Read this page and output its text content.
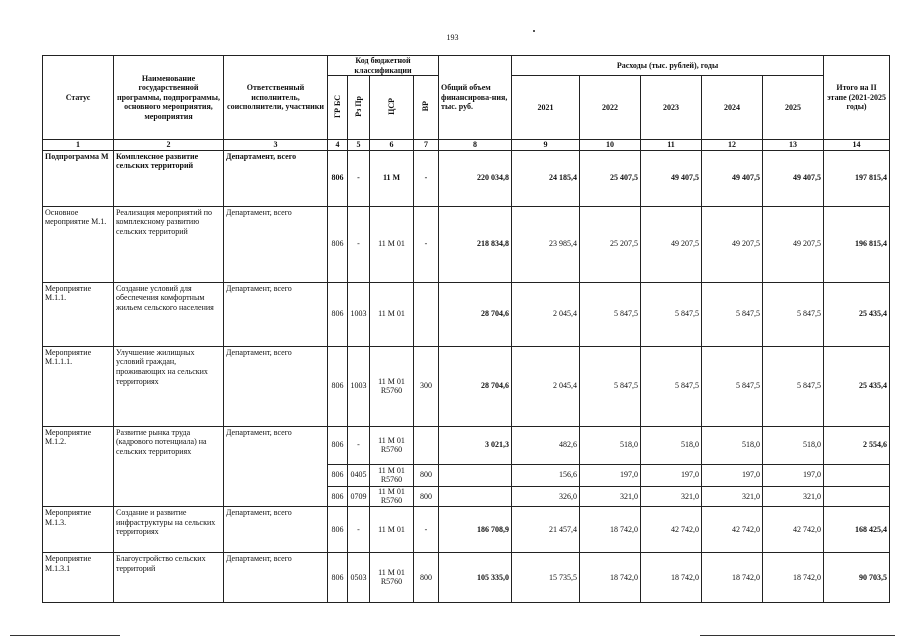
193
Статус	Наименование государственной программы, подпрограммы, основного мероприятия, мероприятия	Ответственный исполнитель, соисполнители, участники	Код бюджетной классификации				Общий объем финансирова-ния, тыс. руб.	Расходы (тыс. рублей), годы					Итого на II этапе (2021-2025 годы)
			ГР БС	Рз Пр	ЦСР	ВР		2021	2022	2023	2024	2025	
1	2	3	4	5	6	7	8	9	10	11	12	13	14
Подпрограмма М	Комплексное развитие сельских территорий	Департамент, всего	806	-	11 М	-	220 034,8	24 185,4	25 407,5	49 407,5	49 407,5	49 407,5	197 815,4
Основное мероприятие М.1.	Реализация мероприятий по комплексному развитию сельских территорий	Департамент, всего	806	-	11 М 01	-	218 834,8	23 985,4	25 207,5	49 207,5	49 207,5	49 207,5	196 815,4
Мероприятие М.1.1.	Создание условий для обеспечения комфортным жильем сельского населения	Департамент, всего	806	1003	11 М 01		28 704,6	2 045,4	5 847,5	5 847,5	5 847,5	5 847,5	25 435,4
Мероприятие М.1.1.1.	Улучшение жилищных условий граждан, проживающих на сельских территориях	Департамент, всего	806	1003	11 М 01 R5760	300	28 704,6	2 045,4	5 847,5	5 847,5	5 847,5	5 847,5	25 435,4
Мероприятие М.1.2.	Развитие рынка труда (кадрового потенциала) на сельских территориях	Департамент, всего	806	-	11 М 01 R5760		3 021,3	482,6	518,0	518,0	518,0	518,0	2 554,6
			806	0405	11 М 01 R5760	800		156,6	197,0	197,0	197,0	197,0	
			806	0709	11 М 01 R5760	800		326,0	321,0	321,0	321,0	321,0	
Мероприятие М.1.3.	Создание и развитие инфраструктуры на сельских территориях	Департамент, всего	806	-	11 М 01	-	186 708,9	21 457,4	18 742,0	42 742,0	42 742,0	42 742,0	168 425,4
Мероприятие М.1.3.1	Благоустройство сельских территорий	Департамент, всего	806	0503	11 М 01 R5760	800	105 335,0	15 735,5	18 742,0	18 742,0	18 742,0	18 742,0	90 703,5
